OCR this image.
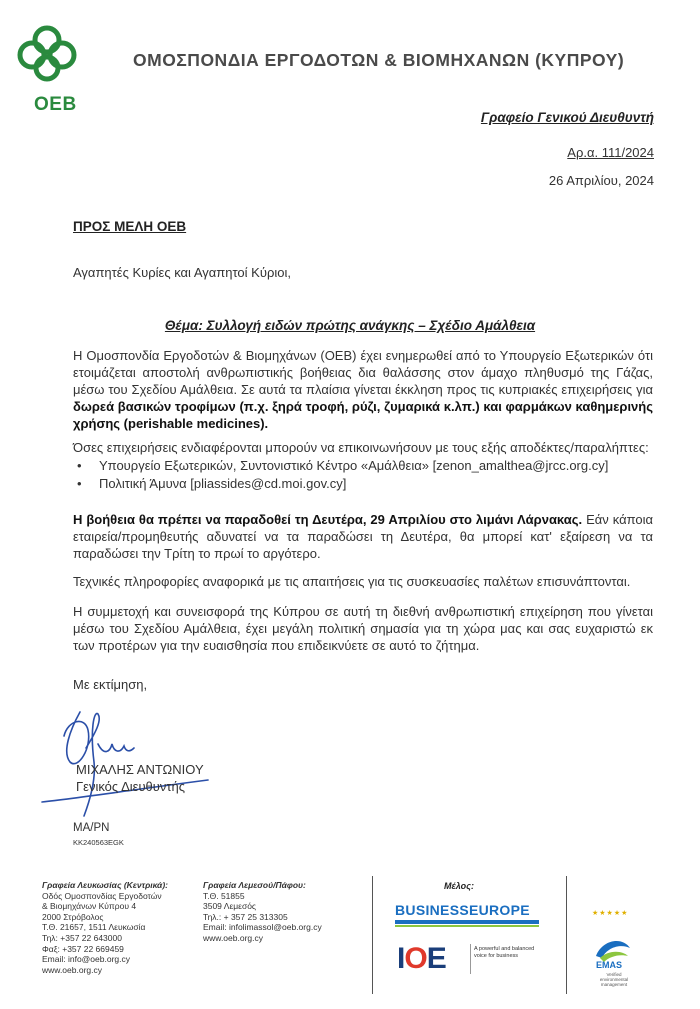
OEB
ΟΜΟΣΠΟΝΔΙΑ ΕΡΓΟΔΟΤΩΝ & ΒΙΟΜΗΧΑΝΩΝ (ΚΥΠΡΟΥ)
Γραφείο Γενικού Διευθυντή
Αρ.α. 111/2024
26 Απριλίου, 2024
ΠΡΟΣ ΜΕΛΗ ΟΕΒ
Αγαπητές Κυρίες και Αγαπητοί Κύριοι,
Θέμα: Συλλογή ειδών πρώτης ανάγκης – Σχέδιο Αμάλθεια
Η Ομοσπονδία Εργοδοτών & Βιομηχάνων (ΟΕΒ) έχει ενημερωθεί από το Υπουργείο Εξωτερικών ότι ετοιμάζεται αποστολή ανθρωπιστικής βοήθειας δια θαλάσσης στον άμαχο πληθυσμό της Γάζας, μέσω του Σχεδίου Αμάλθεια. Σε αυτά τα πλαίσια γίνεται έκκληση προς τις κυπριακές επιχειρήσεις για δωρεά βασικών τροφίμων (π.χ. ξηρά τροφή, ρύζι, ζυμαρικά κ.λπ.) και φαρμάκων καθημερινής χρήσης (perishable medicines).
Όσες επιχειρήσεις ενδιαφέρονται μπορούν να επικοινωνήσουν με τους εξής αποδέκτες/παραλήπτες:
• Υπουργείο Εξωτερικών, Συντονιστικό Κέντρο «Αμάλθεια» [zenon_amalthea@jrcc.org.cy]
• Πολιτική Άμυνα [pliassides@cd.moi.gov.cy]
Η βοήθεια θα πρέπει να παραδοθεί τη Δευτέρα, 29 Απριλίου στο λιμάνι Λάρνακας. Εάν κάποια εταιρεία/προμηθευτής αδυνατεί να τα παραδώσει τη Δευτέρα, θα μπορεί κατ' εξαίρεση να τα παραδώσει την Τρίτη το πρωί το αργότερο.
Τεχνικές πληροφορίες αναφορικά με τις απαιτήσεις για τις συσκευασίες παλέτων επισυνάπτονται.
Η συμμετοχή και συνεισφορά της Κύπρου σε αυτή τη διεθνή ανθρωπιστική επιχείρηση που γίνεται μέσω του Σχεδίου Αμάλθεια, έχει μεγάλη πολιτική σημασία για τη χώρα μας και σας ευχαριστώ εκ των προτέρων για την ευαισθησία που επιδεικνύετε σε αυτό το ζήτημα.
Με εκτίμηση,
ΜΙΧΑΛΗΣ ΑΝΤΩΝΙΟΥ
Γενικός Διευθυντής
ΜΑ/ΡΝ
KK240563EGK
Γραφεία Λευκωσίας (Κεντρικά):
Οδός Ομοσπονδίας Εργοδοτών
& Βιομηχάνων Κύπρου 4
2000 Στρόβολος
Τ.Θ. 21657, 1511 Λευκωσία
Τηλ: +357 22 643000
Φαξ: +357 22 669459
Email: info@oeb.org.cy
www.oeb.org.cy
Γραφεία Λεμεσού/Πάφου:
Τ.Θ. 51855
3509 Λεμεσός
Τηλ.: + 357 25 313305
Email: infolimassol@oeb.org.cy
www.oeb.org.cy
Μέλος:
BUSINESSEUROPE
IOE	A powerful and balanced voice for business
★★★★★
EMAS
Verified environmental management
